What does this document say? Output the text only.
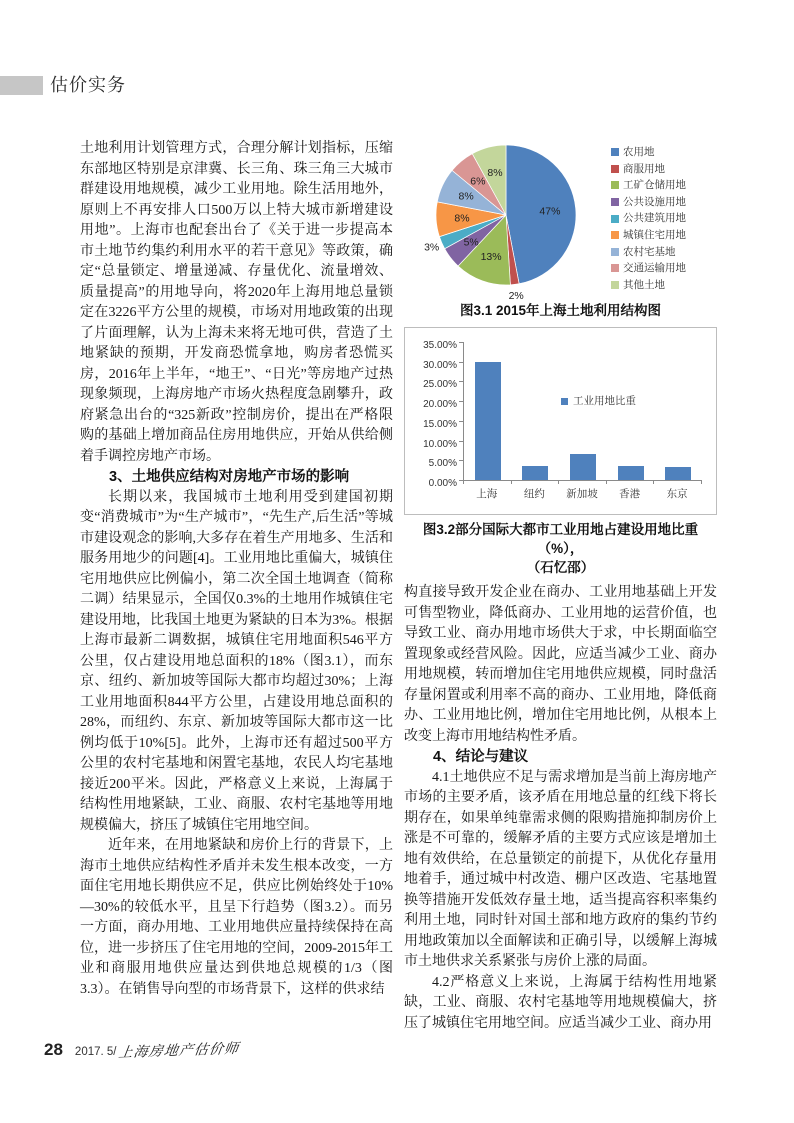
估价实务

土地利用计划管理方式，合理分解计划指标，压缩东部地区特别是京津冀、长三角、珠三角三大城市群建设用地规模，减少工业用地。除生活用地外，原则上不再安排人口500万以上特大城市新增建设用地”。上海市也配套出台了《关于进一步提高本市土地节约集约利用水平的若干意见》等政策，确定“总量锁定、增量递减、存量优化、流量增效、质量提高”的用地导向，将2020年上海用地总量锁定在3226平方公里的规模，市场对用地政策的出现了片面理解，认为上海未来将无地可供，营造了土地紧缺的预期，开发商恐慌拿地，购房者恐慌买房，2016年上半年，“地王”、“日光”等房地产过热现象频现，上海房地产市场火热程度急剧攀升，政府紧急出台的“325新政”控制房价，提出在严格限购的基础上增加商品住房用地供应，开始从供给侧着手调控房地产市场。

3、土地供应结构对房地产市场的影响

长期以来，我国城市土地利用受到建国初期变“消费城市”为“生产城市”，“先生产,后生活”等城市建设观念的影响,大多存在着生产用地多、生活和服务用地少的问题[4]。工业用地比重偏大，城镇住宅用地供应比例偏小，第二次全国土地调查（简称二调）结果显示，全国仅0.3%的土地用作城镇住宅建设用地，比我国土地更为紧缺的日本为3%。根据上海市最新二调数据，城镇住宅用地面积546平方公里，仅占建设用地总面积的18%（图3.1），而东京、纽约、新加坡等国际大都市均超过30%；上海工业用地面积844平方公里，占建设用地总面积的28%，而纽约、东京、新加坡等国际大都市这一比例均低于10%[5]。此外，上海市还有超过500平方公里的农村宅基地和闲置宅基地，农民人均宅基地接近200平米。因此，严格意义上来说，上海属于结构性用地紧缺，工业、商服、农村宅基地等用地规模偏大，挤压了城镇住宅用地空间。

近年来，在用地紧缺和房价上行的背景下，上海市土地供应结构性矛盾并未发生根本改变，一方面住宅用地长期供应不足，供应比例始终处于10%—30%的较低水平，且呈下行趋势（图3.2）。而另一方面，商办用地、工业用地供应量持续保持在高位，进一步挤压了住宅用地的空间，2009-2015年工业和商服用地供应量达到供地总规模的1/3（图3.3）。在销售导向型的市场背景下，这样的供求结

47%
2%
13%
5%
3%
8%
8%
6%
8%
农用地
商服用地
工矿仓储用地
公共设施用地
公共建筑用地
城镇住宅用地
农村宅基地
交通运输用地
其他土地
图3.1 2015年上海土地利用结构图
工业用地比重
上海	纽约	新加坡	香港	东京
0.00%
5.00%
10.00%
15.00%
20.00%
25.00%
30.00%
35.00%
图3.2部分国际大都市工业用地占建设用地比重（%），
（石忆邵）

构直接导致开发企业在商办、工业用地基础上开发可售型物业，降低商办、工业用地的运营价值，也导致工业、商办用地市场供大于求，中长期面临空置现象或经营风险。因此，应适当减少工业、商办用地规模，转而增加住宅用地供应规模，同时盘活存量闲置或利用率不高的商办、工业用地，降低商办、工业用地比例，增加住宅用地比例，从根本上改变上海市用地结构性矛盾。

4、结论与建议

4.1土地供应不足与需求增加是当前上海房地产市场的主要矛盾，该矛盾在用地总量的红线下将长期存在，如果单纯靠需求侧的限购措施抑制房价上涨是不可靠的，缓解矛盾的主要方式应该是增加土地有效供给，在总量锁定的前提下，从优化存量用地着手，通过城中村改造、棚户区改造、宅基地置换等措施开发低效存量土地，适当提高容积率集约利用土地，同时针对国土部和地方政府的集约节约用地政策加以全面解读和正确引导，以缓解上海城市土地供求关系紧张与房价上涨的局面。

4.2严格意义上来说，上海属于结构性用地紧缺，工业、商服、农村宅基地等用地规模偏大，挤压了城镇住宅用地空间。应适当减少工业、商办用

28 2017. 5/ 上海房地产估价师
